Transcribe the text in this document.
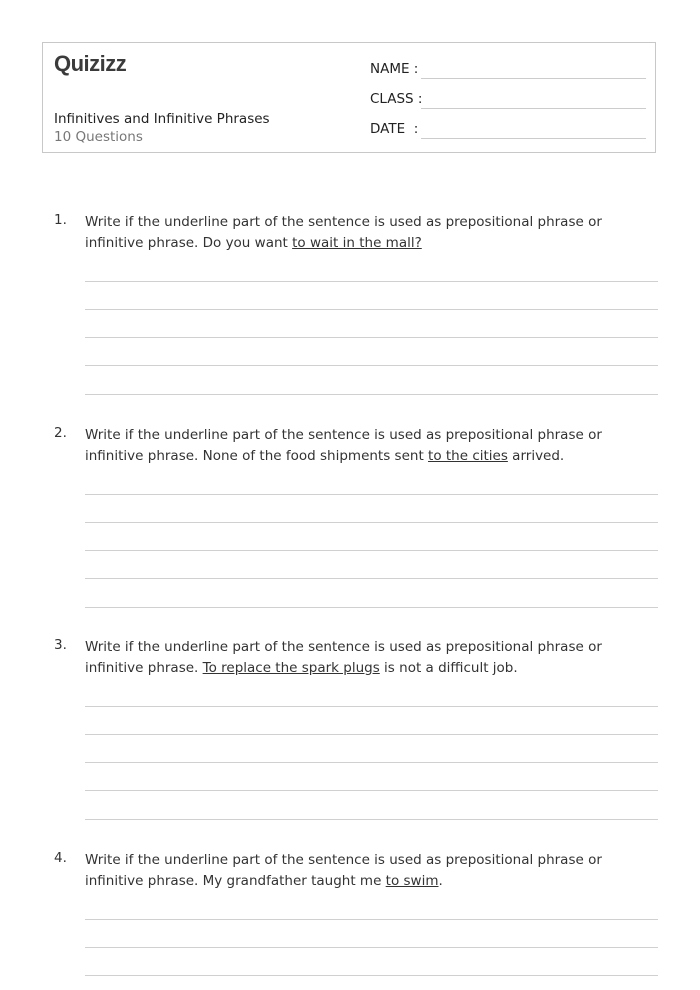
Quizizz
Infinitives and Infinitive Phrases
10 Questions
NAME :
CLASS :
DATE  :
1. Write if the underline part of the sentence is used as prepositional phrase or infinitive phrase. Do you want to wait in the mall?
2. Write if the underline part of the sentence is used as prepositional phrase or infinitive phrase. None of the food shipments sent to the cities arrived.
3. Write if the underline part of the sentence is used as prepositional phrase or infinitive phrase. To replace the spark plugs is not a difficult job.
4. Write if the underline part of the sentence is used as prepositional phrase or infinitive phrase. My grandfather taught me to swim.
